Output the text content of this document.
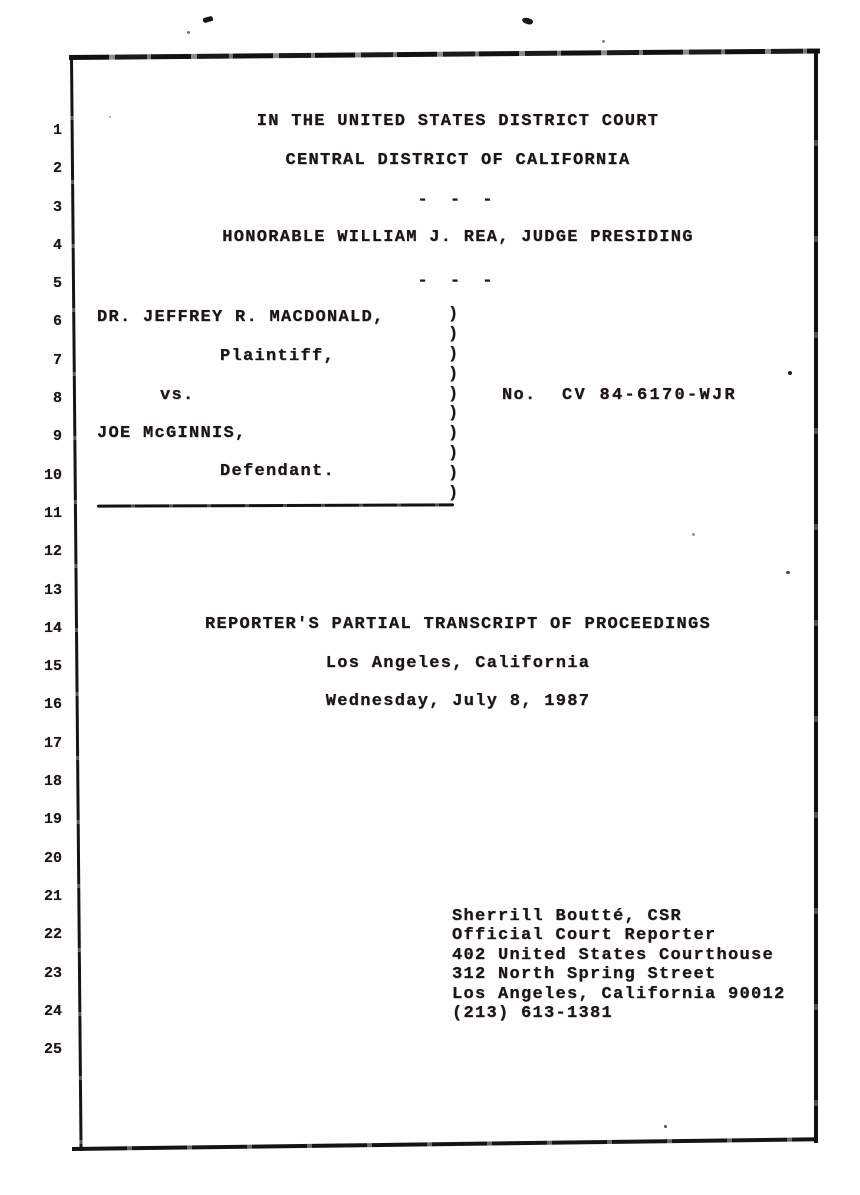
1
2
3
4
5
6
7
8
9
10
11
12
13
14
15
16
17
18
19
20
21
22
23
24
25
IN THE UNITED STATES DISTRICT COURT
CENTRAL DISTRICT OF CALIFORNIA
- - -
HONORABLE WILLIAM J. REA, JUDGE PRESIDING
- - -
DR. JEFFREY R. MACDONALD,
Plaintiff,
vs.
JOE McGINNIS,
Defendant.
)
)
)
)
)
)
)
)
)
)
No. CV 84-6170-WJR
REPORTER'S PARTIAL TRANSCRIPT OF PROCEEDINGS
Los Angeles, California
Wednesday, July 8, 1987
Sherrill Boutté, CSR
Official Court Reporter
402 United States Courthouse
312 North Spring Street
Los Angeles, California 90012
(213) 613-1381
